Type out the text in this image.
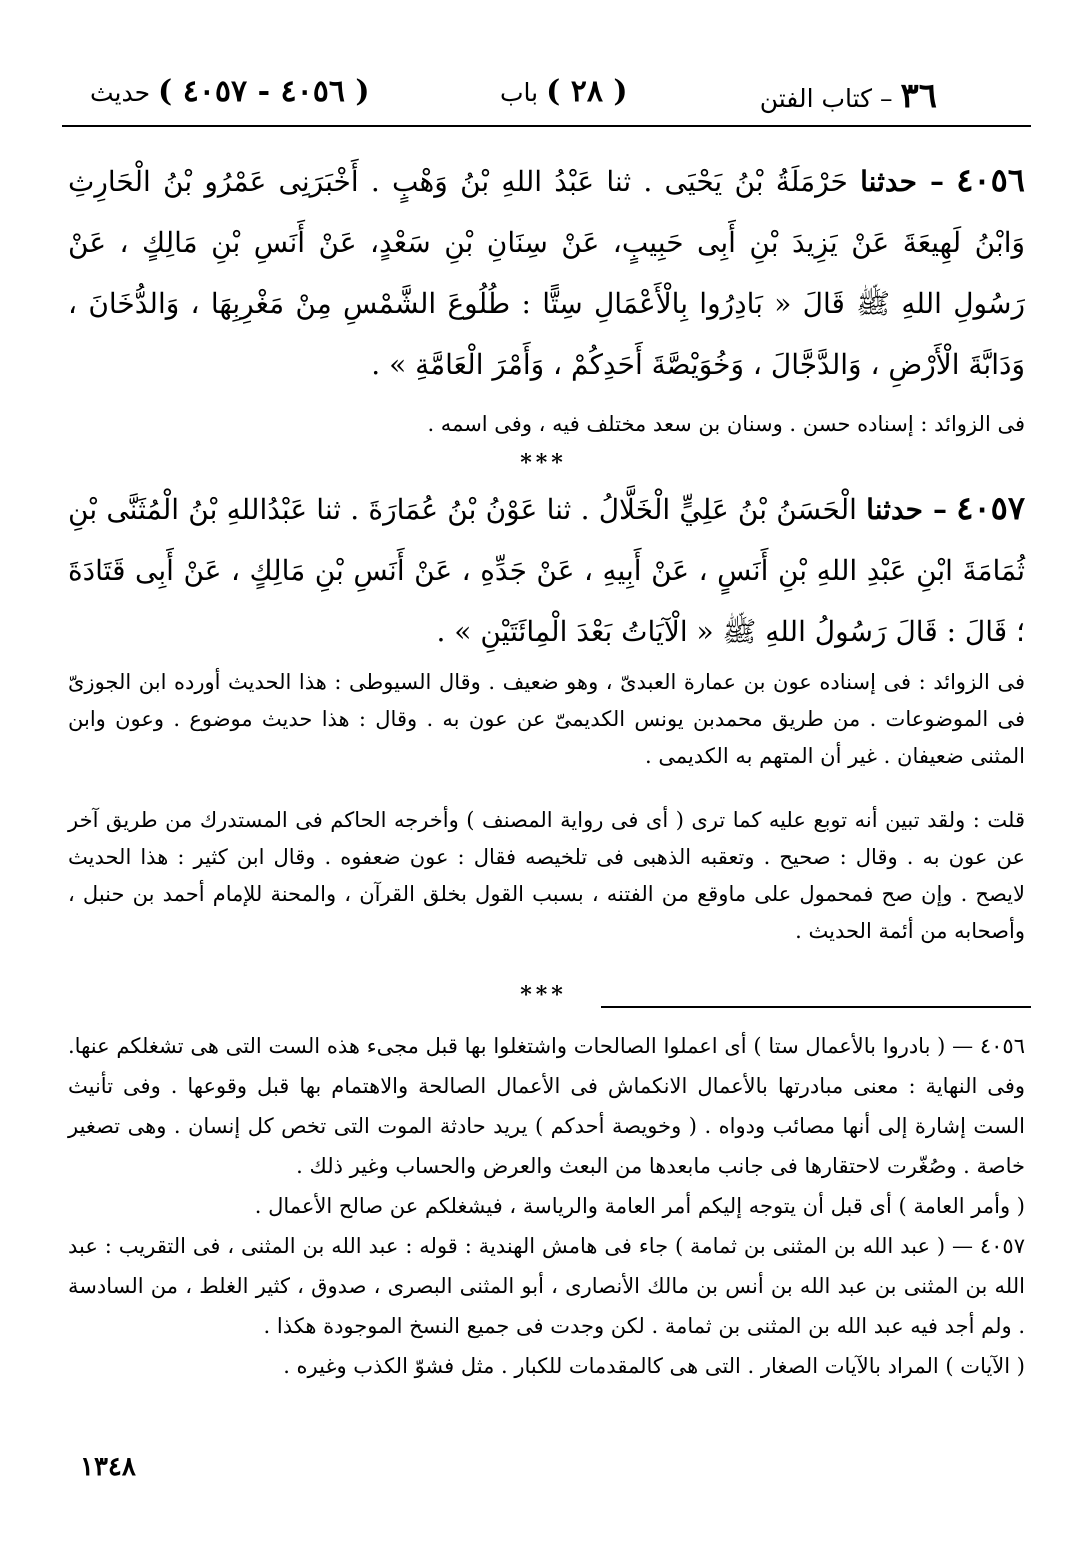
٣٦ – كتاب الفتن
( ٢٨ ) باب
( ٤٠٥٦ - ٤٠٥٧ ) حديث

٤٠٥٦ – حدثنا حَرْمَلَةُ بْنُ يَحْيَى . ثنا عَبْدُ اللهِ بْنُ وَهْبٍ . أَخْبَرَنِى عَمْرُو بْنُ الْحَارِثِ وَابْنُ لَهِيعَةَ عَنْ يَزِيدَ بْنِ أَبِى حَبِيبٍ، عَنْ سِنَانِ بْنِ سَعْدٍ، عَنْ أَنَسِ بْنِ مَالِكٍ ، عَنْ رَسُولِ اللهِ ﷺ قَالَ « بَادِرُوا بِالْأَعْمَالِ سِتًّا : طُلُوعَ الشَّمْسِ مِنْ مَغْرِبِهَا ، وَالدُّخَانَ ، وَدَابَّةَ الْأَرْضِ ، وَالدَّجَّالَ ، وَخُوَيْصَّةَ أَحَدِكُمْ ، وَأَمْرَ الْعَامَّةِ » .

فى الزوائد : إسناده حسن . وسنان بن سعد مختلف فيه ، وفى اسمه .

***

٤٠٥٧ – حدثنا الْحَسَنُ بْنُ عَلِيٍّ الْخَلَّالُ . ثنا عَوْنُ بْنُ عُمَارَةَ . ثنا عَبْدُاللهِ بْنُ الْمُثَنَّى بْنِ ثُمَامَةَ ابْنِ عَبْدِ اللهِ بْنِ أَنَسٍ ، عَنْ أَبِيهِ ، عَنْ جَدِّهِ ، عَنْ أَنَسِ بْنِ مَالِكٍ ، عَنْ أَبِى قَتَادَةَ ؛ قَالَ : قَالَ رَسُولُ اللهِ ﷺ « الْآيَاتُ بَعْدَ الْمِائَتَيْنِ » .

فى الزوائد : فى إسناده عون بن عمارة العبدىّ ، وهو ضعيف . وقال السيوطى : هذا الحديث أورده ابن الجوزىّ فى الموضوعات . من طريق محمدبن يونس الكديمىّ عن عون به . وقال : هذا حديث موضوع . وعون وابن المثنى ضعيفان . غير أن المتهم به الكديمى .

قلت : ولقد تبين أنه توبع عليه كما ترى ( أى فى رواية المصنف ) وأخرجه الحاكم فى المستدرك من طريق آخر عن عون به . وقال : صحيح . وتعقبه الذهبى فى تلخيصه فقال : عون ضعفوه . وقال ابن كثير : هذا الحديث لايصح . وإن صح فمحمول على ماوقع من الفتنه ، بسبب القول بخلق القرآن ، والمحنة للإمام أحمد بن حنبل ، وأصحابه من أئمة الحديث .

***

٤٠٥٦ — ( بادروا بالأعمال ستا ) أى اعملوا الصالحات واشتغلوا بها قبل مجىء هذه الست التى هى تشغلكم عنها. وفى النهاية : معنى مبادرتها بالأعمال الانكماش فى الأعمال الصالحة والاهتمام بها قبل وقوعها . وفى تأنيث الست إشارة إلى أنها مصائب ودواه . ( وخويصة أحدكم ) يريد حادثة الموت التى تخص كل إنسان . وهى تصغير خاصة . وصُغّرت لاحتقارها فى جانب مابعدها من البعث والعرض والحساب وغير ذلك .

( وأمر العامة ) أى قبل أن يتوجه إليكم أمر العامة والرياسة ، فيشغلكم عن صالح الأعمال .

٤٠٥٧ — ( عبد الله بن المثنى بن ثمامة ) جاء فى هامش الهندية : قوله : عبد الله بن المثنى ، فى التقريب : عبد الله بن المثنى بن عبد الله بن أنس بن مالك الأنصارى ، أبو المثنى البصرى ، صدوق ، كثير الغلط ، من السادسة . ولم أجد فيه عبد الله بن المثنى بن ثمامة . لكن وجدت فى جميع النسخ الموجودة هكذا .

( الآيات ) المراد بالآيات الصغار . التى هى كالمقدمات للكبار . مثل فشوّ الكذب وغيره .

١٣٤٨
